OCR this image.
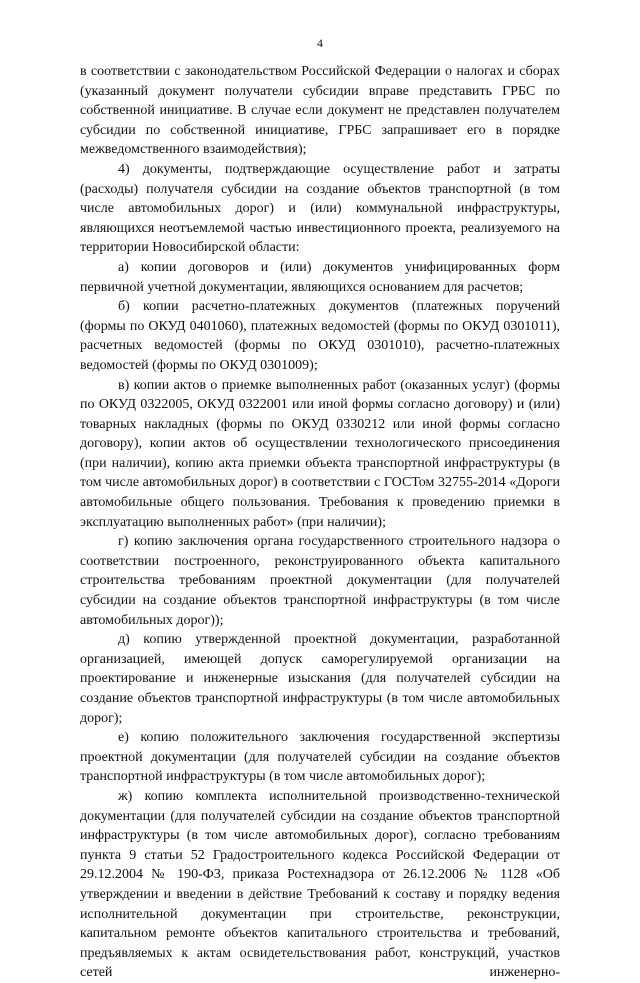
4

в соответствии с законодательством Российской Федерации о налогах и сборах (указанный документ получатели субсидии вправе представить ГРБС по собственной инициативе. В случае если документ не представлен получателем субсидии по собственной инициативе, ГРБС запрашивает его в порядке межведомственного взаимодействия);

4) документы, подтверждающие осуществление работ и затраты (расходы) получателя субсидии на создание объектов транспортной (в том числе автомобильных дорог) и (или) коммунальной инфраструктуры, являющихся неотъемлемой частью инвестиционного проекта, реализуемого на территории Новосибирской области:

а) копии договоров и (или) документов унифицированных форм первичной учетной документации, являющихся основанием для расчетов;

б) копии расчетно-платежных документов (платежных поручений (формы по ОКУД 0401060), платежных ведомостей (формы по ОКУД 0301011), расчетных ведомостей (формы по ОКУД 0301010), расчетно-платежных ведомостей (формы по ОКУД 0301009);

в) копии актов о приемке выполненных работ (оказанных услуг) (формы по ОКУД 0322005, ОКУД 0322001 или иной формы согласно договору) и (или) товарных накладных (формы по ОКУД 0330212 или иной формы согласно договору), копии актов об осуществлении технологического присоединения (при наличии), копию акта приемки объекта транспортной инфраструктуры (в том числе автомобильных дорог) в соответствии с ГОСТом 32755-2014 «Дороги автомобильные общего пользования. Требования к проведению приемки в эксплуатацию выполненных работ» (при наличии);

г) копию заключения органа государственного строительного надзора о соответствии построенного, реконструированного объекта капитального строительства требованиям проектной документации (для получателей субсидии на создание объектов транспортной инфраструктуры (в том числе автомобильных дорог));

д) копию утвержденной проектной документации, разработанной организацией, имеющей допуск саморегулируемой организации на проектирование и инженерные изыскания (для получателей субсидии на создание объектов транспортной инфраструктуры (в том числе автомобильных дорог);

е) копию положительного заключения государственной экспертизы проектной документации (для получателей субсидии на создание объектов транспортной инфраструктуры (в том числе автомобильных дорог);

ж) копию комплекта исполнительной производственно-технической документации (для получателей субсидии на создание объектов транспортной инфраструктуры (в том числе автомобильных дорог), согласно требованиям пункта 9 статьи 52 Градостроительного кодекса Российской Федерации от 29.12.2004 № 190-ФЗ, приказа Ростехнадзора от 26.12.2006 № 1128 «Об утверждении и введении в действие Требований к составу и порядку ведения исполнительной документации при строительстве, реконструкции, капитальном ремонте объектов капитального строительства и требований, предъявляемых к актам освидетельствования работ, конструкций, участков сетей инженерно-
